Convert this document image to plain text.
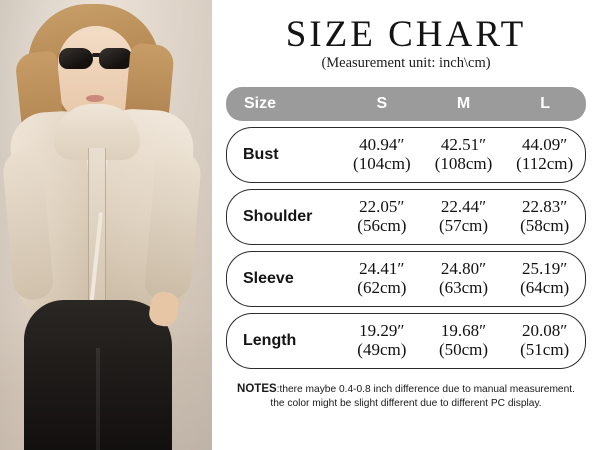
SIZE CHART
(Measurement unit: inch\cm)
Size	S	M	L
Bust	40.94″ (104cm)	42.51″ (108cm)	44.09″ (112cm)
Shoulder	22.05″ (56cm)	22.44″ (57cm)	22.83″ (58cm)
Sleeve	24.41″ (62cm)	24.80″ (63cm)	25.19″ (64cm)
Length	19.29″ (49cm)	19.68″ (50cm)	20.08″ (51cm)
NOTES:there maybe 0.4-0.8 inch difference due to manual measurement.
the color might be slight different due to different PC display.
